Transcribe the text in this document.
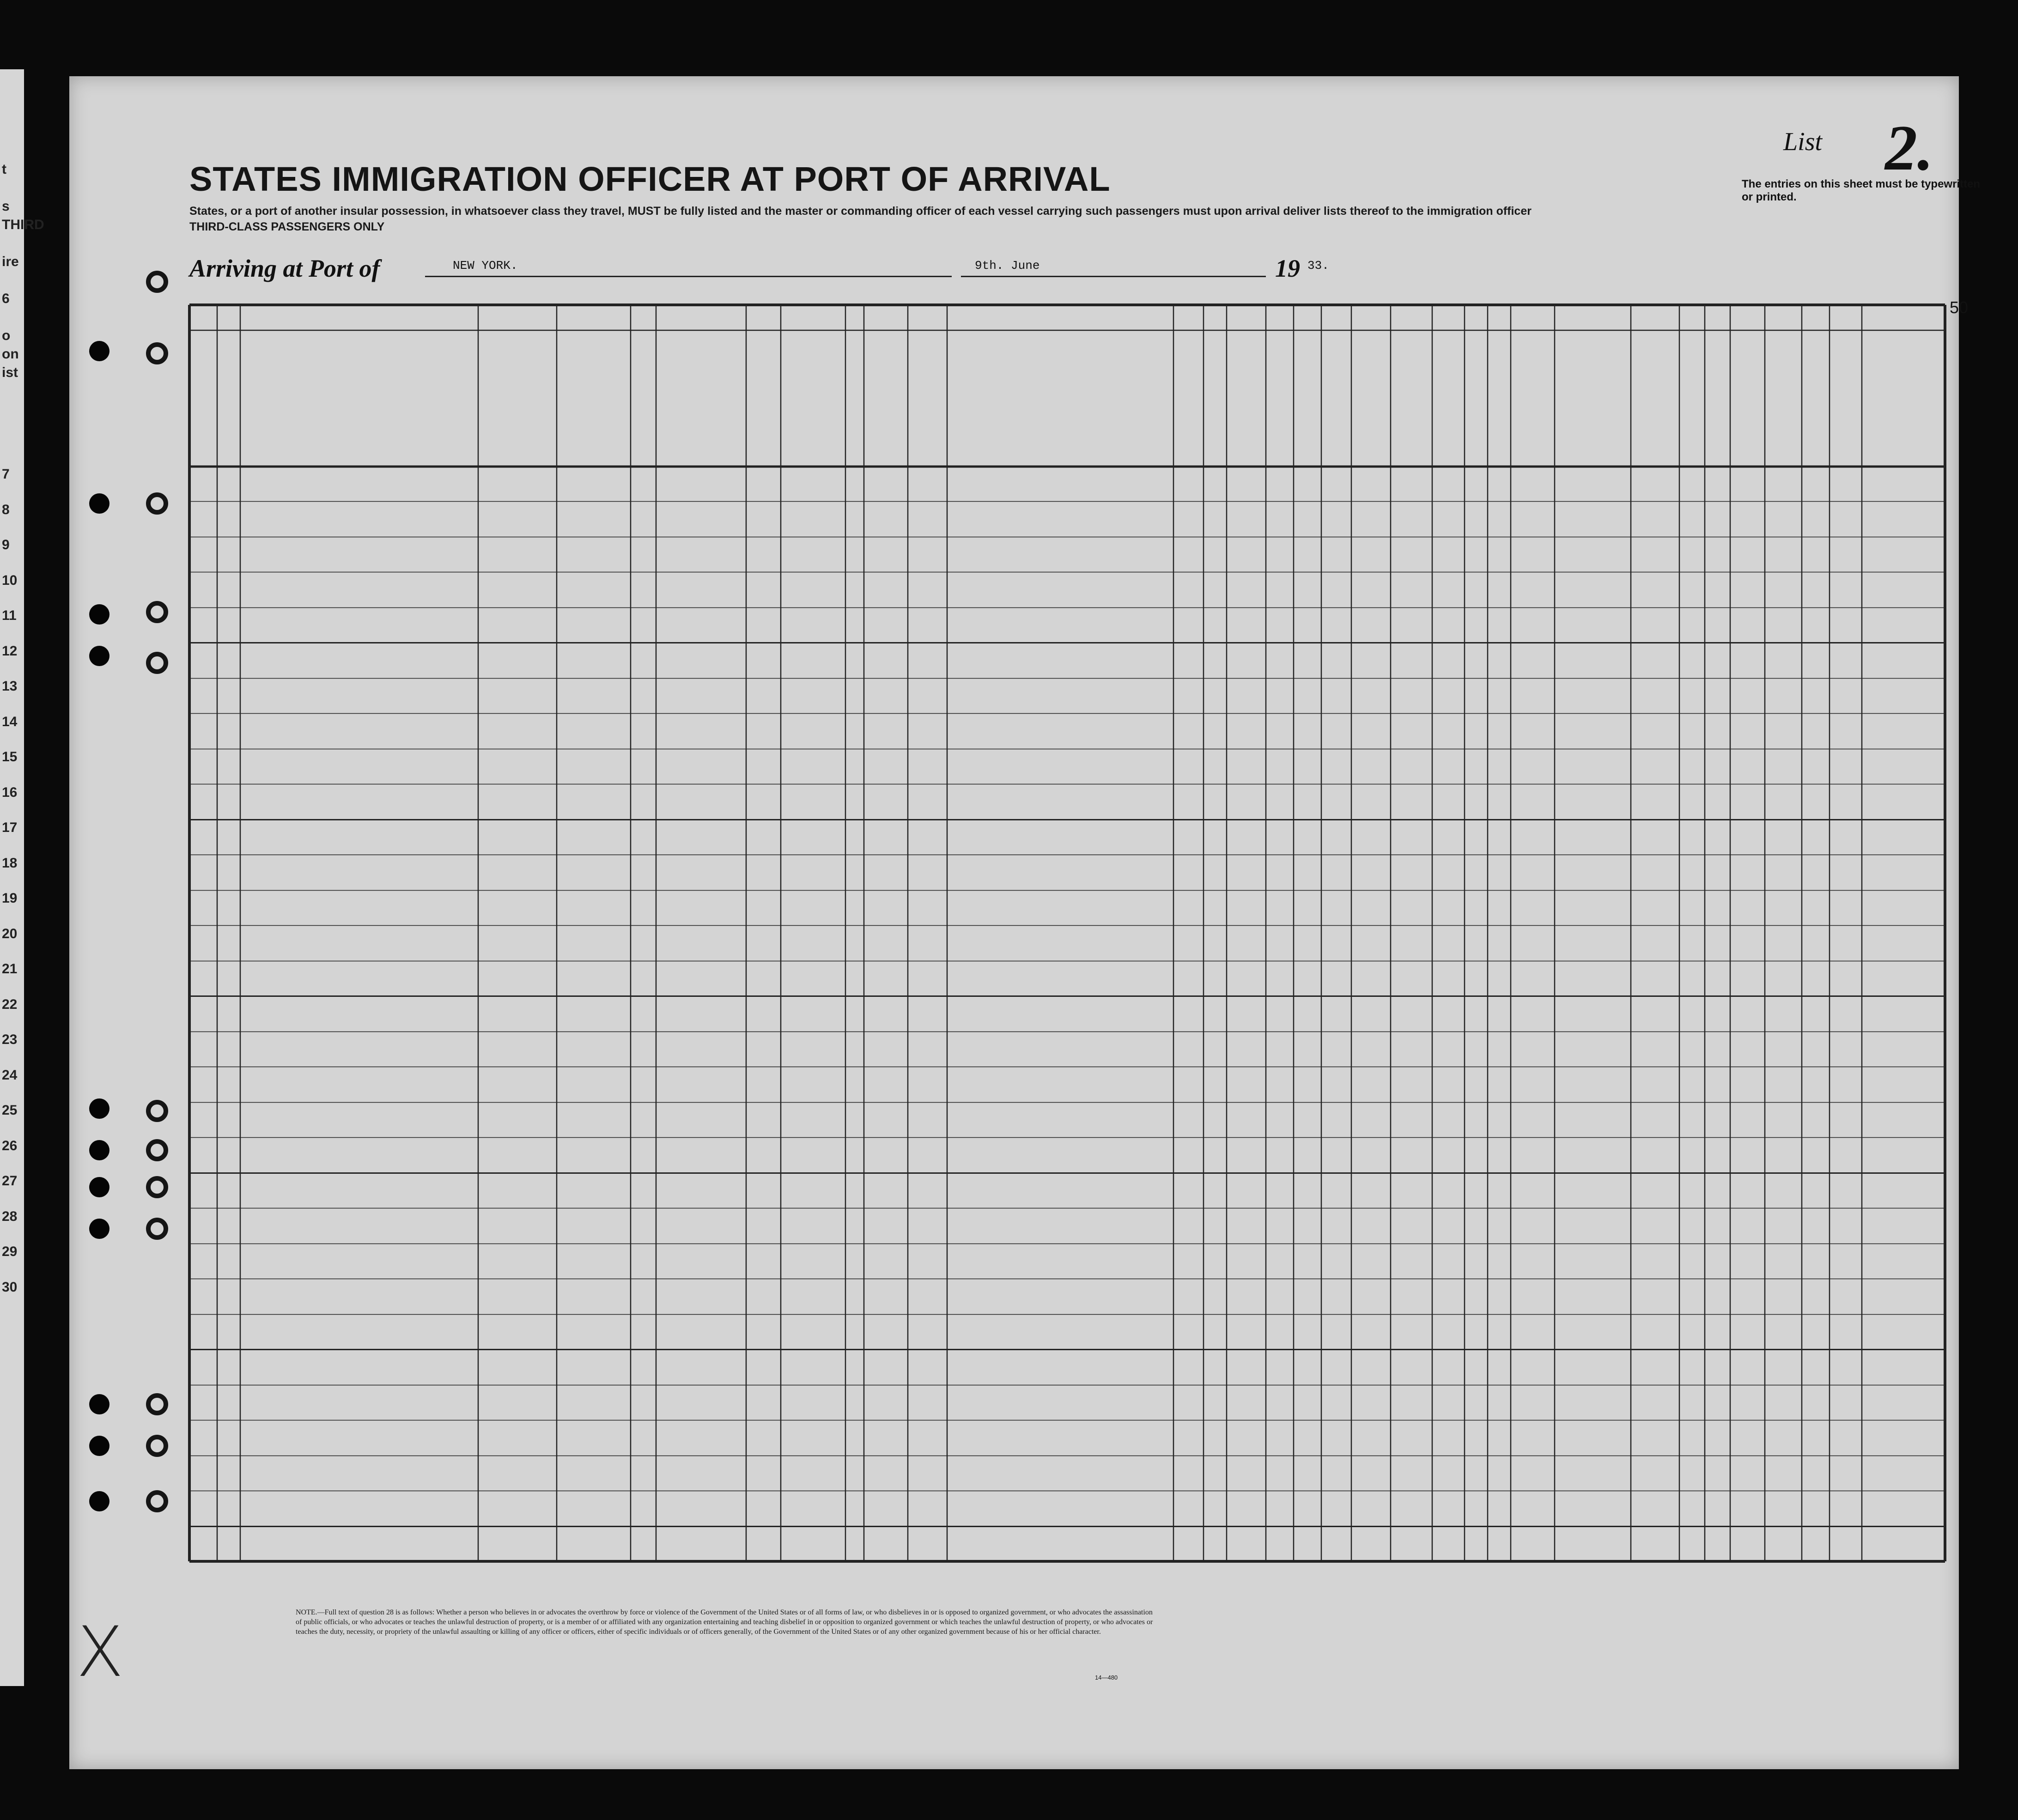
t
s
THIRD
ire
6
o
on
ist
7
8
9
10
11
12
13
14
15
16
17
18
19
20
21
22
23
24
25
26
27
28
29
30
STATES IMMIGRATION OFFICER AT PORT OF ARRIVAL
States, or a port of another insular possession, in whatsoever class they travel, MUST be fully listed and the master or commanding officer of each vessel carrying such passengers must upon arrival deliver lists thereof to the immigration officer
THIRD-CLASS PASSENGERS ONLY
Arriving at Port of	NEW YORK.	9th. June	19 33.
List 2.
The entries on this sheet must be typewritten or printed.
50
NOTE.—Full text of question 28 is as follows: Whether a person who believes in or advocates the overthrow by force or violence of the Government of the United States or of all forms of law, or who disbelieves in or is opposed to organized government, or who advocates the assassination of public officials, or who advocates or teaches the unlawful destruction of property, or is a member of or affiliated with any organization entertaining and teaching disbelief in or opposition to organized government or which teaches the unlawful destruction of property, or who advocates or teaches the duty, necessity, or propriety of the unlawful assaulting or killing of any officer or officers, either of specific individuals or of officers generally, of the Government of the United States or of any other organized government because of his or her official character.
14—480
X
